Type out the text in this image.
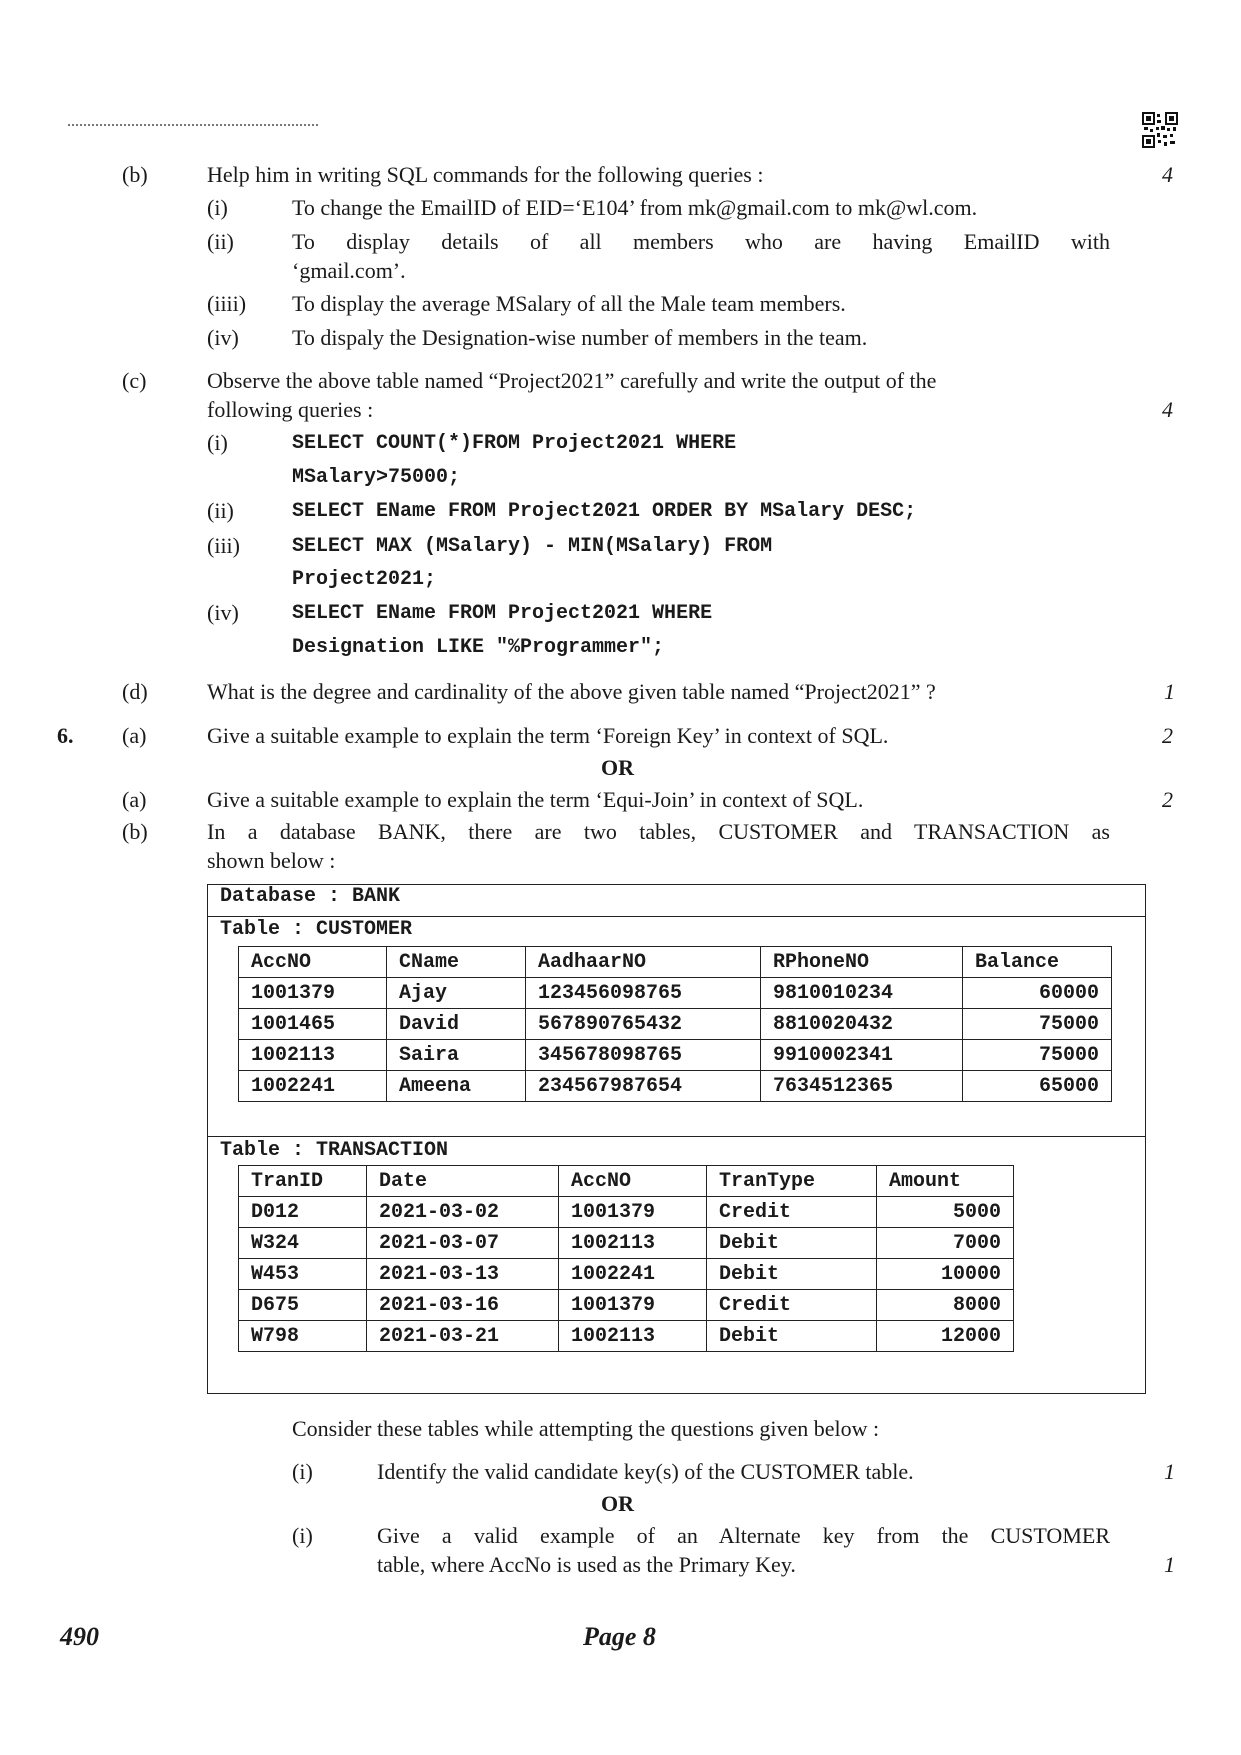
(b)	Help him in writing SQL commands for the following queries :	4
(i)	To change the EmailID of EID=‘E104’ from mk@gmail.com to mk@wl.com.
(ii)	To display details of all members who are having EmailID with
‘gmail.com’.
(iiii) To display the average MSalary of all the Male team members.
(iv) To dispaly the Designation-wise number of members in the team.
(c)	Observe the above table named “Project2021” carefully and write the output of the
following queries :	4
(i)	SELECT COUNT(*)FROM Project2021 WHERE
MSalary>75000;
(ii)	SELECT EName FROM Project2021 ORDER BY MSalary DESC;
(iii)	SELECT MAX (MSalary) - MIN(MSalary) FROM
Project2021;
(iv)	SELECT EName FROM Project2021 WHERE
Designation LIKE "%Programmer";
(d)	What is the degree and cardinality of the above given table named “Project2021” ?	1
6. (a)	Give a suitable example to explain the term ‘Foreign Key’ in context of SQL.	2
OR
(a)	Give a suitable example to explain the term ‘Equi-Join’ in context of SQL.	2
(b)	In a database BANK, there are two tables, CUSTOMER and TRANSACTION as
shown below :
Database : BANK
Table : CUSTOMER
AccNO	CName	AadhaarNO	RPhoneNO	Balance
1001379	Ajay	123456098765	9810010234	60000
1001465	David	567890765432	8810020432	75000
1002113	Saira	345678098765	9910002341	75000
1002241	Ameena	234567987654	7634512365	65000
Table : TRANSACTION
TranID	Date	AccNO	TranType	Amount
D012	2021-03-02	1001379	Credit	5000
W324	2021-03-07	1002113	Debit	7000
W453	2021-03-13	1002241	Debit	10000
D675	2021-03-16	1001379	Credit	8000
W798	2021-03-21	1002113	Debit	12000
Consider these tables while attempting the questions given below :
(i)	Identify the valid candidate key(s) of the CUSTOMER table.	1
OR
(i)	Give a valid example of an Alternate key from the CUSTOMER
table, where AccNo is used as the Primary Key.	1
490	Page 8
